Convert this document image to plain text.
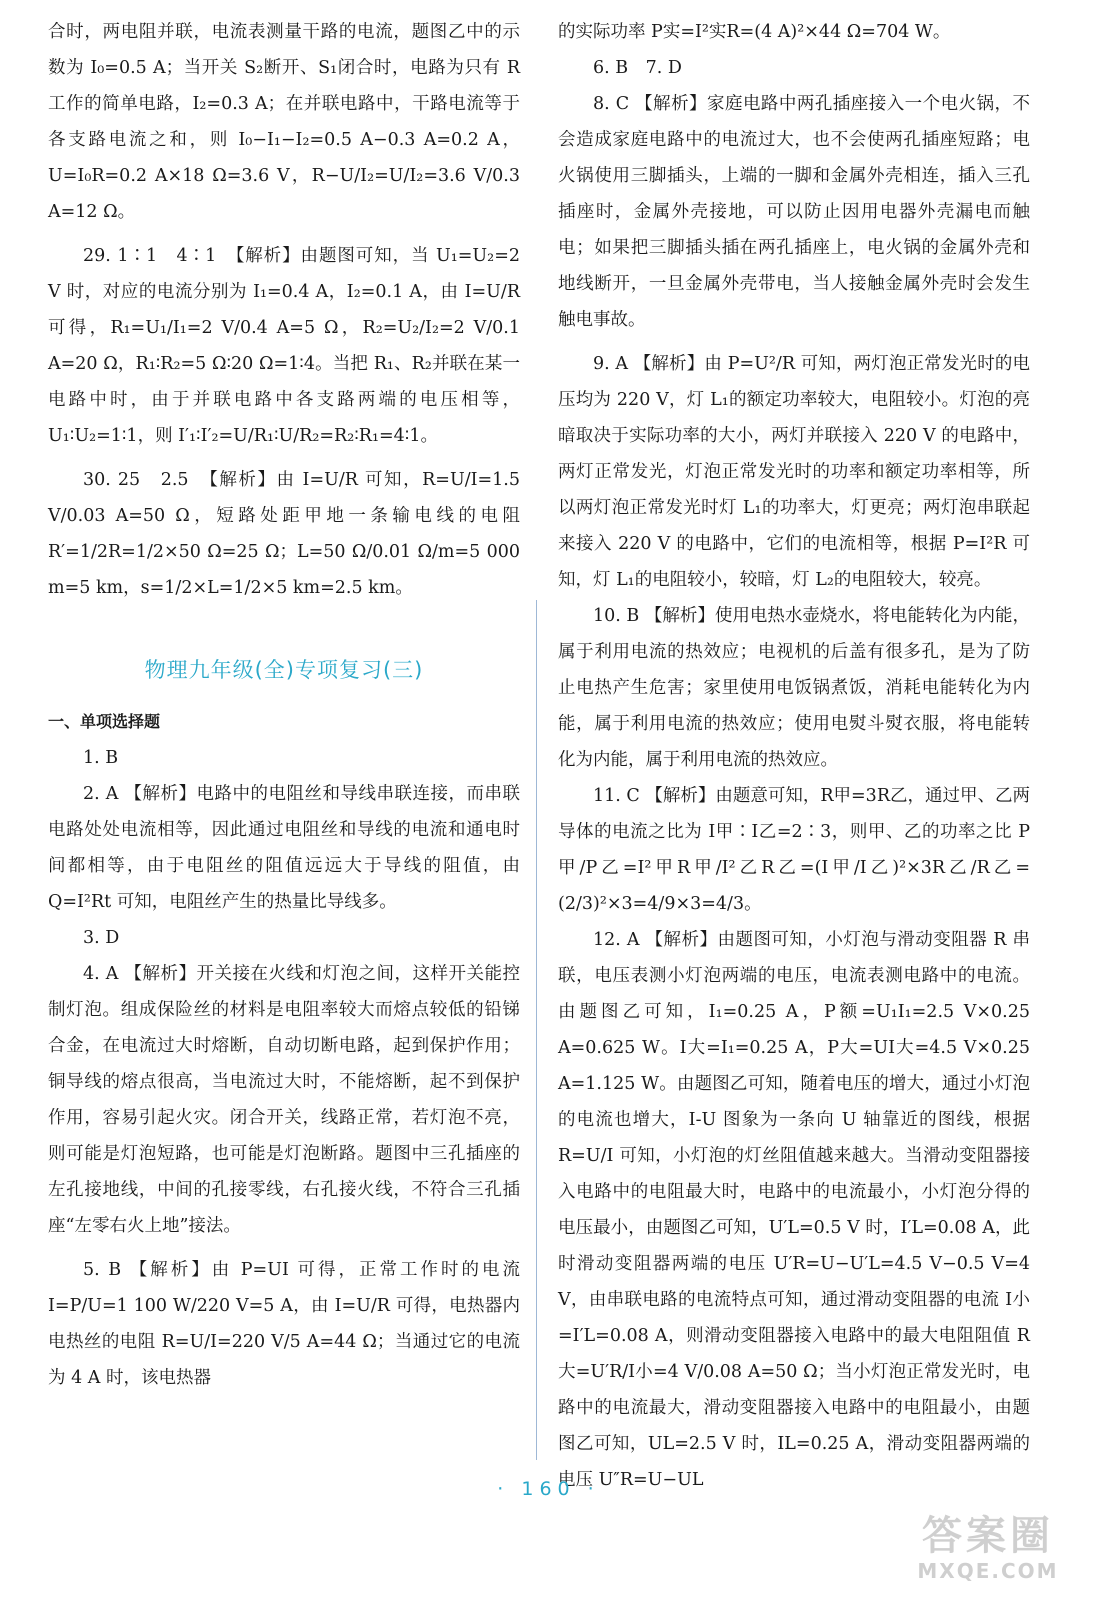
合时，两电阻并联，电流表测量干路的电流，题图乙中的示数为 I₀=0.5 A；当开关 S₂断开、S₁闭合时，电路为只有 R 工作的简单电路，I₂=0.3 A；在并联电路中，干路电流等于各支路电流之和，则 I₀−I₁−I₂=0.5 A−0.3 A=0.2 A，U=I₀R=0.2 A×18 Ω=3.6 V，R−U/I₂=U/I₂=3.6 V/0.3 A=12 Ω。

29. 1∶1　4∶1　【解析】由题图可知，当 U₁=U₂=2 V 时，对应的电流分别为 I₁=0.4 A，I₂=0.1 A，由 I=U/R 可得，R₁=U₁/I₁=2 V/0.4 A=5 Ω，R₂=U₂/I₂=2 V/0.1 A=20 Ω，R₁∶R₂=5 Ω∶20 Ω=1∶4。当把 R₁、R₂并联在某一电路中时，由于并联电路中各支路两端的电压相等，U₁∶U₂=1∶1，则 I′₁∶I′₂=U/R₁∶U/R₂=R₂∶R₁=4∶1。

30. 25　2.5　【解析】由 I=U/R 可知，R=U/I=1.5 V/0.03 A=50 Ω，短路处距甲地一条输电线的电阻 R′=1/2R=1/2×50 Ω=25 Ω；L=50 Ω/0.01 Ω/m=5 000 m=5 km，s=1/2×L=1/2×5 km=2.5 km。

物理九年级(全)专项复习(三)

一、单项选择题

1. B

2. A 【解析】电路中的电阻丝和导线串联连接，而串联电路处处电流相等，因此通过电阻丝和导线的电流和通电时间都相等，由于电阻丝的阻值远远大于导线的阻值，由 Q=I²Rt 可知，电阻丝产生的热量比导线多。

3. D

4. A 【解析】开关接在火线和灯泡之间，这样开关能控制灯泡。组成保险丝的材料是电阻率较大而熔点较低的铅锑合金，在电流过大时熔断，自动切断电路，起到保护作用；铜导线的熔点很高，当电流过大时，不能熔断，起不到保护作用，容易引起火灾。闭合开关，线路正常，若灯泡不亮，则可能是灯泡短路，也可能是灯泡断路。题图中三孔插座的左孔接地线，中间的孔接零线，右孔接火线，不符合三孔插座“左零右火上地”接法。

5. B 【解析】由 P=UI 可得，正常工作时的电流 I=P/U=1 100 W/220 V=5 A，由 I=U/R 可得，电热器内电热丝的电阻 R=U/I=220 V/5 A=44 Ω；当通过它的电流为 4 A 时，该电热器

的实际功率 P实=I²实R=(4 A)²×44 Ω=704 W。

6. B　7. D

8. C 【解析】家庭电路中两孔插座接入一个电火锅，不会造成家庭电路中的电流过大，也不会使两孔插座短路；电火锅使用三脚插头，上端的一脚和金属外壳相连，插入三孔插座时，金属外壳接地，可以防止因用电器外壳漏电而触电；如果把三脚插头插在两孔插座上，电火锅的金属外壳和地线断开，一旦金属外壳带电，当人接触金属外壳时会发生触电事故。

9. A 【解析】由 P=U²/R 可知，两灯泡正常发光时的电压均为 220 V，灯 L₁的额定功率较大，电阻较小。灯泡的亮暗取决于实际功率的大小，两灯并联接入 220 V 的电路中，两灯正常发光，灯泡正常发光时的功率和额定功率相等，所以两灯泡正常发光时灯 L₁的功率大，灯更亮；两灯泡串联起来接入 220 V 的电路中，它们的电流相等，根据 P=I²R 可知，灯 L₁的电阻较小，较暗，灯 L₂的电阻较大，较亮。

10. B 【解析】使用电热水壶烧水，将电能转化为内能，属于利用电流的热效应；电视机的后盖有很多孔，是为了防止电热产生危害；家里使用电饭锅煮饭，消耗电能转化为内能，属于利用电流的热效应；使用电熨斗熨衣服，将电能转化为内能，属于利用电流的热效应。

11. C 【解析】由题意可知，R甲=3R乙，通过甲、乙两导体的电流之比为 I甲∶I乙=2∶3，则甲、乙的功率之比 P甲/P乙=I²甲R甲/I²乙R乙=(I甲/I乙)²×3R乙/R乙=(2/3)²×3=4/9×3=4/3。

12. A 【解析】由题图可知，小灯泡与滑动变阻器 R 串联，电压表测小灯泡两端的电压，电流表测电路中的电流。由题图乙可知，I₁=0.25 A，P额=U₁I₁=2.5 V×0.25 A=0.625 W。I大=I₁=0.25 A，P大=UI大=4.5 V×0.25 A=1.125 W。由题图乙可知，随着电压的增大，通过小灯泡的电流也增大，I-U 图象为一条向 U 轴靠近的图线，根据 R=U/I 可知，小灯泡的灯丝阻值越来越大。当滑动变阻器接入电路中的电阻最大时，电路中的电流最小，小灯泡分得的电压最小，由题图乙可知，U′L=0.5 V 时，I′L=0.08 A，此时滑动变阻器两端的电压 U′R=U−U′L=4.5 V−0.5 V=4 V，由串联电路的电流特点可知，通过滑动变阻器的电流 I小=I′L=0.08 A，则滑动变阻器接入电路中的最大电阻阻值 R大=U′R/I小=4 V/0.08 A=50 Ω；当小灯泡正常发光时，电路中的电流最大，滑动变阻器接入电路中的电阻最小，由题图乙可知，UL=2.5 V 时，IL=0.25 A，滑动变阻器两端的电压 U″R=U−UL

· 160 ·
答案圈
MXQE.COM
